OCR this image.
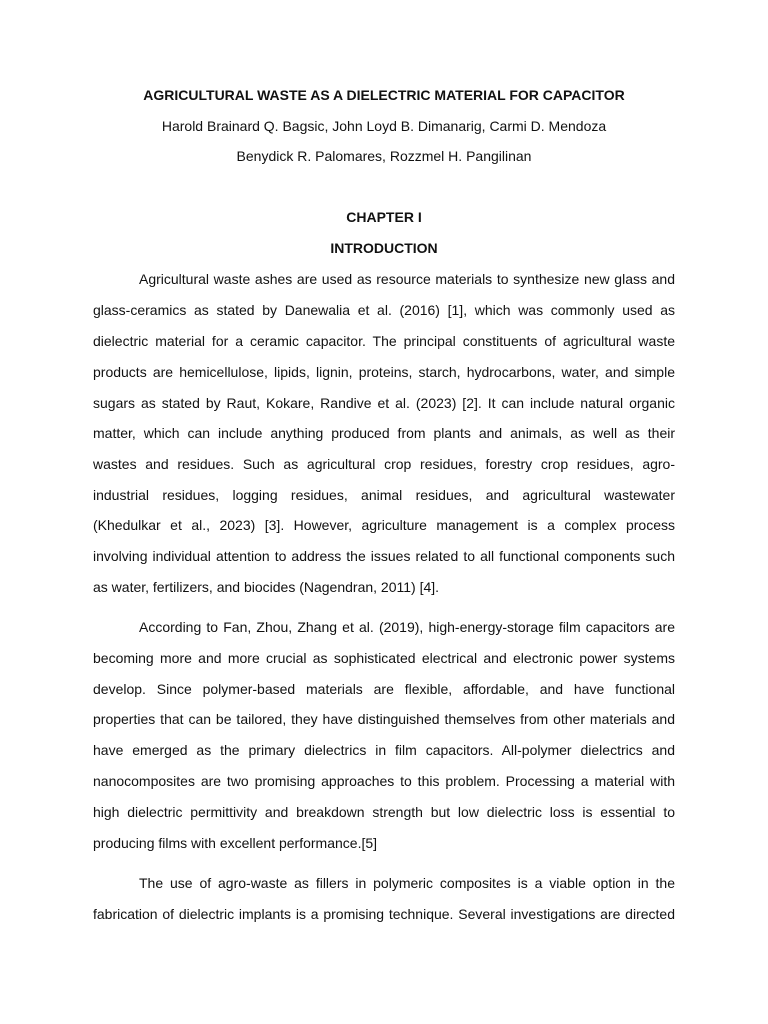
AGRICULTURAL WASTE AS A DIELECTRIC MATERIAL FOR CAPACITOR
Harold Brainard Q. Bagsic, John Loyd B. Dimanarig, Carmi D. Mendoza
Benydick R. Palomares, Rozzmel H. Pangilinan
CHAPTER I
INTRODUCTION
Agricultural waste ashes are used as resource materials to synthesize new glass and
glass-ceramics as stated by Danewalia et al. (2016) [1], which was commonly used as
dielectric material for a ceramic capacitor. The principal constituents of agricultural waste
products are hemicellulose, lipids, lignin, proteins, starch, hydrocarbons, water, and simple
sugars as stated by Raut, Kokare, Randive et al. (2023) [2]. It can include natural organic
matter, which can include anything produced from plants and animals, as well as their
wastes and residues. Such as agricultural crop residues, forestry crop residues, agro-
industrial residues, logging residues, animal residues, and agricultural wastewater
(Khedulkar et al., 2023) [3]. However, agriculture management is a complex process
involving individual attention to address the issues related to all functional components such
as water, fertilizers, and biocides (Nagendran, 2011) [4].
According to Fan, Zhou, Zhang et al. (2019), high-energy-storage film capacitors are
becoming more and more crucial as sophisticated electrical and electronic power systems
develop. Since polymer-based materials are flexible, affordable, and have functional
properties that can be tailored, they have distinguished themselves from other materials and
have emerged as the primary dielectrics in film capacitors. All-polymer dielectrics and
nanocomposites are two promising approaches to this problem. Processing a material with
high dielectric permittivity and breakdown strength but low dielectric loss is essential to
producing films with excellent performance.[5]
The use of agro-waste as fillers in polymeric composites is a viable option in the
fabrication of dielectric implants is a promising technique. Several investigations are directed
